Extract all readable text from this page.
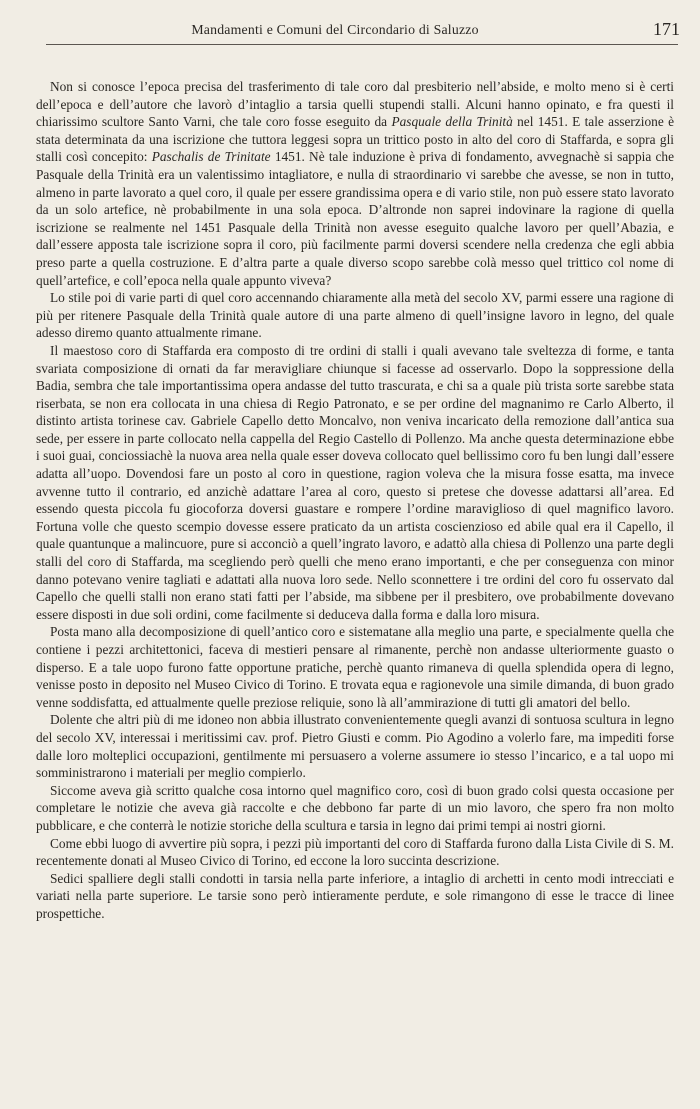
Mandamenti e Comuni del Circondario di Saluzzo	171

Non si conosce l’epoca precisa del trasferimento di tale coro dal presbiterio nell’abside, e molto meno si è certi dell’epoca e dell’autore che lavorò d’intaglio a tarsia quelli stupendi stalli. Alcuni hanno opinato, e fra questi il chiarissimo scultore Santo Varni, che tale coro fosse eseguito da Pasquale della Trinità nel 1451. E tale asserzione è stata determinata da una iscrizione che tuttora leggesi sopra un trittico posto in alto del coro di Staffarda, e sopra gli stalli così concepito: Paschalis de Trinitate 1451. Nè tale induzione è priva di fondamento, avvegnachè si sappia che Pasquale della Trinità era un valentissimo intagliatore, e nulla di straordinario vi sarebbe che avesse, se non in tutto, almeno in parte lavorato a quel coro, il quale per essere grandissima opera e di vario stile, non può essere stato lavorato da un solo artefice, nè probabilmente in una sola epoca. D’altronde non saprei indovinare la ragione di quella iscrizione se realmente nel 1451 Pasquale della Trinità non avesse eseguito qualche lavoro per quell’Abazia, e dall’essere apposta tale iscrizione sopra il coro, più facilmente parmi doversi scendere nella credenza che egli abbia preso parte a quella costruzione. E d’altra parte a quale diverso scopo sarebbe colà messo quel trittico col nome di quell’artefice, e coll’epoca nella quale appunto viveva?

Lo stile poi di varie parti di quel coro accennando chiaramente alla metà del secolo XV, parmi essere una ragione di più per ritenere Pasquale della Trinità quale autore di una parte almeno di quell’insigne lavoro in legno, del quale adesso diremo quanto attualmente rimane.

Il maestoso coro di Staffarda era composto di tre ordini di stalli i quali avevano tale sveltezza di forme, e tanta svariata composizione di ornati da far meravigliare chiunque si facesse ad osservarlo. Dopo la soppressione della Badia, sembra che tale importantissima opera andasse del tutto trascurata, e chi sa a quale più trista sorte sarebbe stata riserbata, se non era collocata in una chiesa di Regio Patronato, e se per ordine del magnanimo re Carlo Alberto, il distinto artista torinese cav. Gabriele Capello detto Moncalvo, non veniva incaricato della remozione dall’antica sua sede, per essere in parte collocato nella cappella del Regio Castello di Pollenzo. Ma anche questa determinazione ebbe i suoi guai, conciossiachè la nuova area nella quale esser doveva collocato quel bellissimo coro fu ben lungi dall’essere adatta all’uopo. Dovendosi fare un posto al coro in questione, ragion voleva che la misura fosse esatta, ma invece avvenne tutto il contrario, ed anzichè adattare l’area al coro, questo si pretese che dovesse adattarsi all’area. Ed essendo questa piccola fu giocoforza doversi guastare e rompere l’ordine maraviglioso di quel magnifico lavoro. Fortuna volle che questo scempio dovesse essere praticato da un artista coscienzioso ed abile qual era il Capello, il quale quantunque a malincuore, pure si acconciò a quell’ingrato lavoro, e adattò alla chiesa di Pollenzo una parte degli stalli del coro di Staffarda, ma scegliendo però quelli che meno erano importanti, e che per conseguenza con minor danno potevano venire tagliati e adattati alla nuova loro sede. Nello sconnettere i tre ordini del coro fu osservato dal Capello che quelli stalli non erano stati fatti per l’abside, ma sibbene per il presbitero, ove probabilmente dovevano essere disposti in due soli ordini, come facilmente si deduceva dalla forma e dalla loro misura.

Posta mano alla decomposizione di quell’antico coro e sistematane alla meglio una parte, e specialmente quella che contiene i pezzi architettonici, faceva di mestieri pensare al rimanente, perchè non andasse ulteriormente guasto o disperso. E a tale uopo furono fatte opportune pratiche, perchè quanto rimaneva di quella splendida opera di legno, venisse posto in deposito nel Museo Civico di Torino. E trovata equa e ragionevole una simile dimanda, di buon grado venne soddisfatta, ed attualmente quelle preziose reliquie, sono là all’ammirazione di tutti gli amatori del bello.

Dolente che altri più di me idoneo non abbia illustrato convenientemente quegli avanzi di sontuosa scultura in legno del secolo XV, interessai i meritissimi cav. prof. Pietro Giusti e comm. Pio Agodino a volerlo fare, ma impediti forse dalle loro molteplici occupazioni, gentilmente mi persuasero a volerne assumere io stesso l’incarico, e a tal uopo mi somministrarono i materiali per meglio compierlo.

Siccome aveva già scritto qualche cosa intorno quel magnifico coro, così di buon grado colsi questa occasione per completare le notizie che aveva già raccolte e che debbono far parte di un mio lavoro, che spero fra non molto pubblicare, e che conterrà le notizie storiche della scultura e tarsia in legno dai primi tempi ai nostri giorni.

Come ebbi luogo di avvertire più sopra, i pezzi più importanti del coro di Staffarda furono dalla Lista Civile di S. M. recentemente donati al Museo Civico di Torino, ed eccone la loro succinta descrizione.

Sedici spalliere degli stalli condotti in tarsia nella parte inferiore, a intaglio di archetti in cento modi intrecciati e variati nella parte superiore. Le tarsie sono però intieramente perdute, e sole rimangono di esse le tracce di linee prospettiche.
